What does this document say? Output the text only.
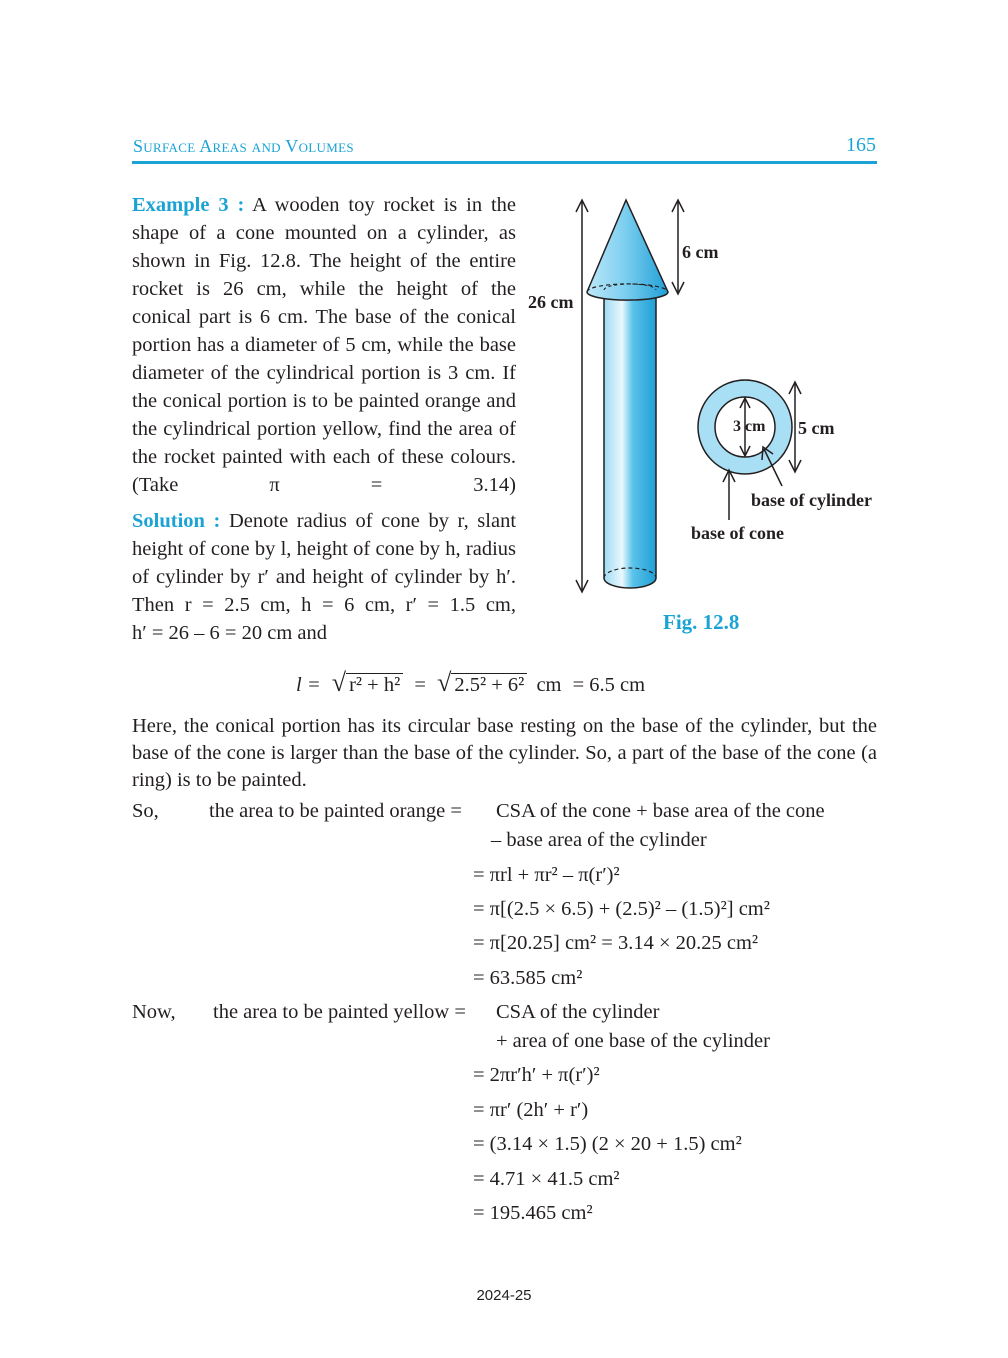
Surface Areas and Volumes	165
Example 3 : A wooden toy rocket is in the shape of a cone mounted on a cylinder, as shown in Fig. 12.8. The height of the entire rocket is 26 cm, while the height of the conical part is 6 cm. The base of the conical portion has a diameter of 5 cm, while the base diameter of the cylindrical portion is 3 cm. If the conical portion is to be painted orange and the cylindrical portion yellow, find the area of the rocket painted with each of these colours. (Take π = 3.14)
Solution : Denote radius of cone by r, slant
height of cone by l, height of cone by h, radius
of cylinder by r′ and height of cylinder by h′.
Then r = 2.5 cm, h = 6 cm, r′ = 1.5 cm,
h′ = 26 – 6 = 20 cm and
26 cm
6 cm
3 cm 5 cm
base of cylinder
base of cone
Fig. 12.8
l = √ r² + h² = √ 2.5² + 6² cm = 6.5 cm
Here, the conical portion has its circular base resting on the base of the cylinder, but the base of the cone is larger than the base of the cylinder. So, a part of the base of the cone (a ring) is to be painted.
So, the area to be painted orange = CSA of the cone + base area of the cone
– base area of the cylinder
= πrl + πr² – π(r′)²
= π[(2.5 × 6.5) + (2.5)² – (1.5)²] cm²
= π[20.25] cm² = 3.14 × 20.25 cm²
= 63.585 cm²
Now, the area to be painted yellow = CSA of the cylinder
+ area of one base of the cylinder
= 2πr′h′ + π(r′)²
= πr′ (2h′ + r′)
= (3.14 × 1.5) (2 × 20 + 1.5) cm²
= 4.71 × 41.5 cm²
= 195.465 cm²
2024-25
